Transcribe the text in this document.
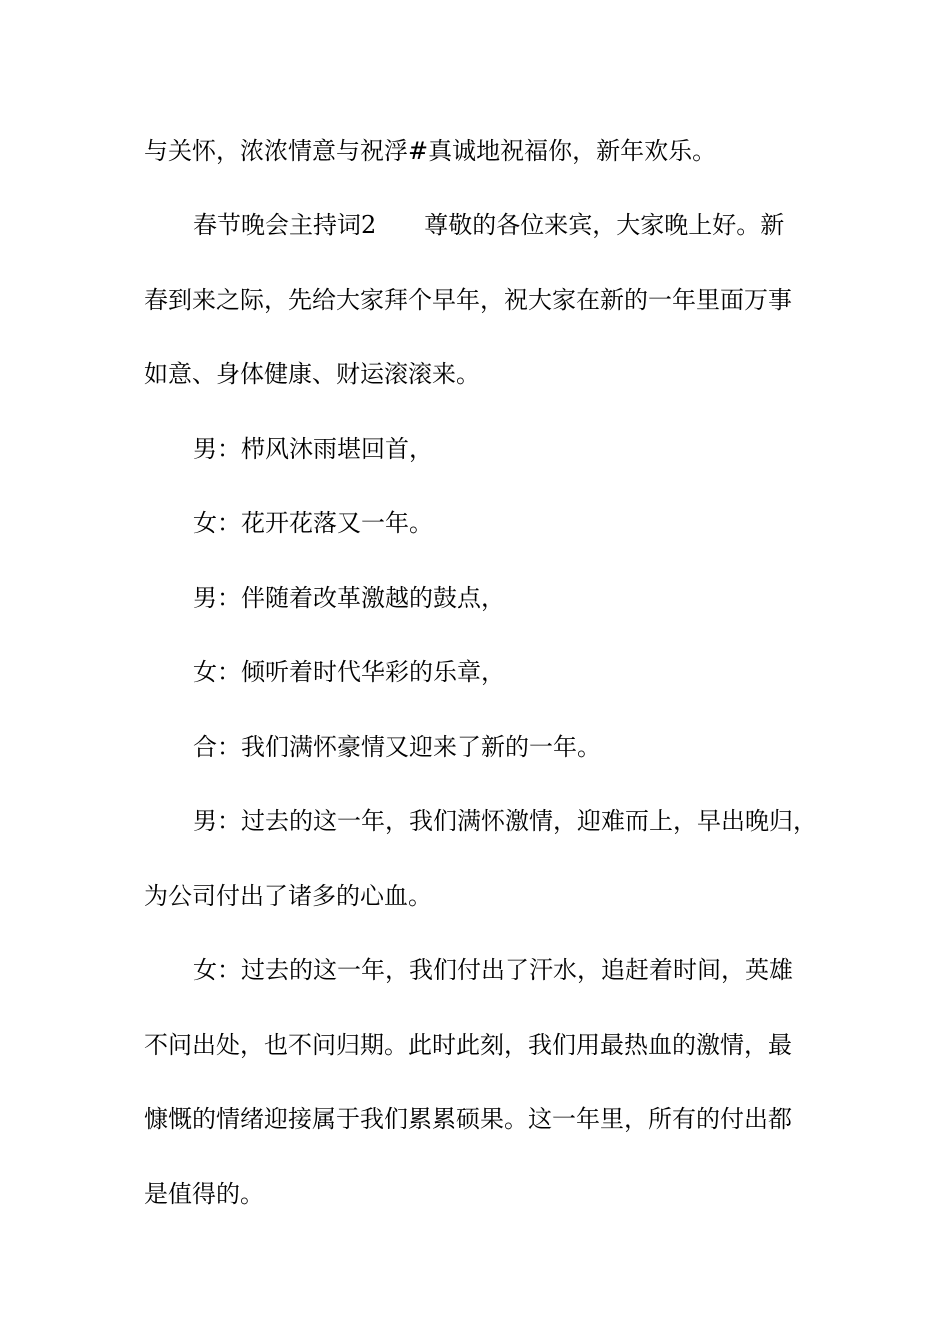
与关怀，浓浓情意与祝浮#真诚地祝福你，新年欢乐。
春节晚会主持词2　　尊敬的各位来宾，大家晚上好。新
春到来之际，先给大家拜个早年，祝大家在新的一年里面万事
如意、身体健康、财运滚滚来。
男：栉风沐雨堪回首，
女：花开花落又一年。
男：伴随着改革激越的鼓点，
女：倾听着时代华彩的乐章，
合：我们满怀豪情又迎来了新的一年。
男：过去的这一年，我们满怀激情，迎难而上，早出晚归，
为公司付出了诸多的心血。
女：过去的这一年，我们付出了汗水，追赶着时间，英雄
不问出处，也不问归期。此时此刻，我们用最热血的激情，最
慷慨的情绪迎接属于我们累累硕果。这一年里，所有的付出都
是值得的。
